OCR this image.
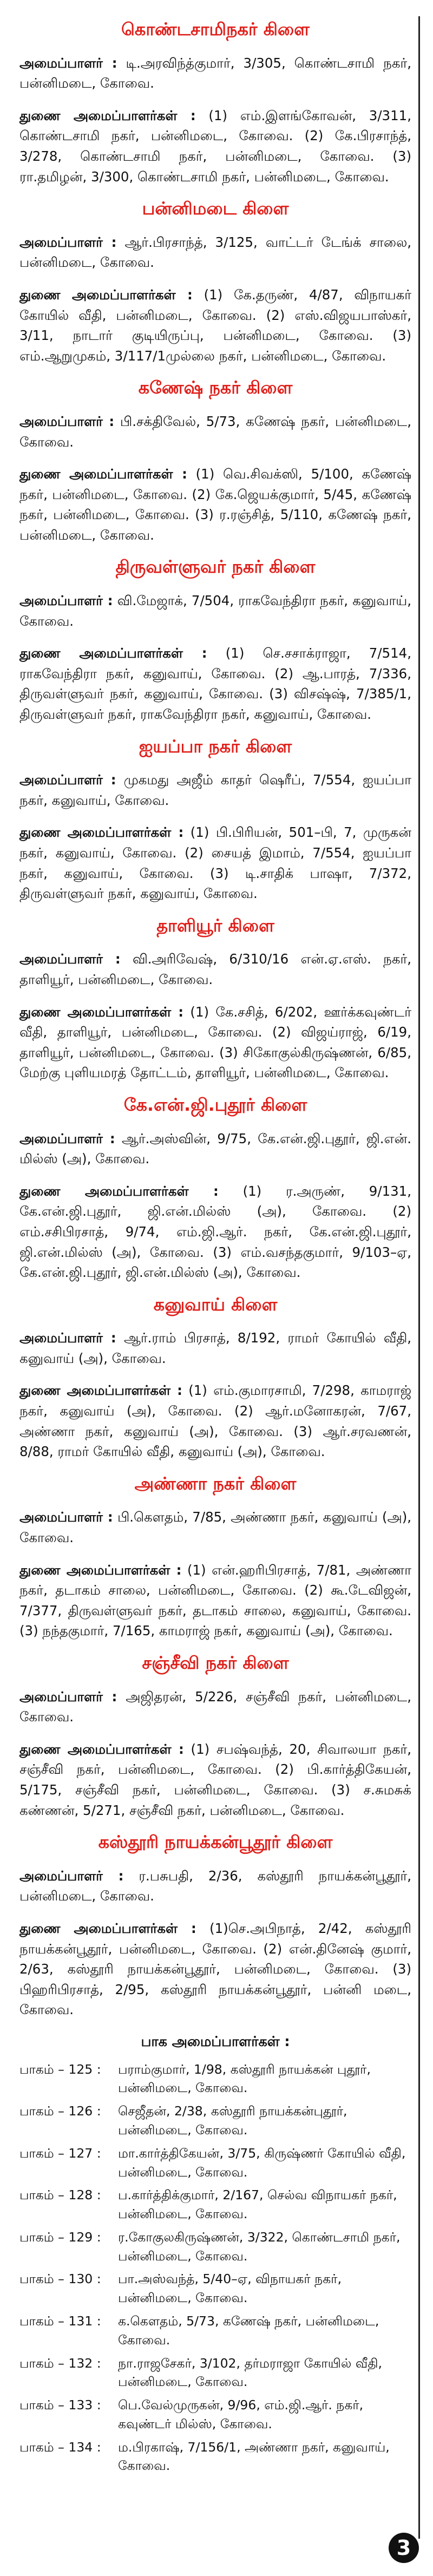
கொண்டசாமிநகர் கிளை

அமைப்பாளர் : டி.அரவிந்த்குமார், 3/305, கொண்டசாமி நகர், பன்னிமடை, கோவை.

துணை அமைப்பாளர்கள் : (1) எம்.இளங்கோவன், 3/311, கொண்டசாமி நகர், பன்னிமடை, கோவை. (2) கே.பிரசாந்த், 3/278, கொண்டசாமி நகர், பன்னிமடை, கோவை. (3) ரா.தமிழன், 3/300, கொண்டசாமி நகர், பன்னிமடை, கோவை.

பன்னிமடை கிளை

அமைப்பாளர் : ஆர்.பிரசாந்த், 3/125, வாட்டர் டேங்க் சாலை, பன்னிமடை, கோவை.

துணை அமைப்பாளர்கள் : (1) கே.தருண், 4/87, விநாயகர் கோயில் வீதி, பன்னிமடை, கோவை. (2) எஸ்.விஜயபாஸ்கர், 3/11, நாடார் குடியிருப்பு, பன்னிமடை, கோவை. (3) எம்.ஆறுமுகம், 3/117/1முல்லை நகர், பன்னிமடை, கோவை.

கணேஷ் நகர் கிளை

அமைப்பாளர் : பி.சக்திவேல், 5/73, கணேஷ் நகர், பன்னிமடை, கோவை.

துணை அமைப்பாளர்கள் : (1) வெ.சிவக்ஸி, 5/100, கணேஷ் நகர், பன்னிமடை, கோவை. (2) கே.ஜெயக்குமார், 5/45, கணேஷ் நகர், பன்னிமடை, கோவை. (3) ர.ரஞ்சித், 5/110, கணேஷ் நகர், பன்னிமடை, கோவை.

திருவள்ளுவர் நகர் கிளை

அமைப்பாளர் : வி.மேஜாக், 7/504, ராகவேந்திரா நகர், கனுவாய், கோவை.

துணை அமைப்பாளர்கள் : (1) செ.சசாக்ராஜா, 7/514, ராகவேந்திரா நகர், கனுவாய், கோவை. (2) ஆ.பாரத், 7/336, திருவள்ளுவர் நகர், கனுவாய், கோவை. (3) விசஷ்ஷ், 7/385/1, திருவள்ளுவர் நகர், ராகவேந்திரா நகர், கனுவாய், கோவை.

ஐயப்பா நகர் கிளை

அமைப்பாளர் : முகமது அஜீம் காதர் ஷெரீப், 7/554, ஐயப்பா நகர், கனுவாய், கோவை.

துணை அமைப்பாளர்கள் : (1) பி.பிரியன், 501–பி, 7, முருகன் நகர், கனுவாய், கோவை. (2) சையத் இமாம், 7/554, ஐயப்பா நகர், கனுவாய், கோவை. (3) டி.சாதிக் பாஷா, 7/372, திருவள்ளுவர் நகர், கனுவாய், கோவை.

தாளியூர் கிளை

அமைப்பாளர் : வி.அரிவேஷ், 6/310/16 என்.ஏ.எஸ். நகர், தாளியூர், பன்னிமடை, கோவை.

துணை அமைப்பாளர்கள் : (1) கே.சசித், 6/202, ஊர்க்கவுண்டர் வீதி, தாளியூர், பன்னிமடை, கோவை. (2) விஜய்ராஜ், 6/19, தாளியூர், பன்னிமடை, கோவை. (3) சிகோகுல்கிருஷ்ணன், 6/85, மேற்கு புளியமரத் தோட்டம், தாளியூர், பன்னிமடை, கோவை.

கே.என்.ஜி.புதூர் கிளை

அமைப்பாளர் : ஆர்.அஸ்வின், 9/75, கே.என்.ஜி.புதூர், ஜி.என். மில்ஸ் (அ), கோவை.

துணை அமைப்பாளர்கள் : (1) ர.அருண், 9/131, கே.என்.ஜி.புதூர், ஜி.என்.மில்ஸ் (அ), கோவை. (2) எம்.சசிபிரசாத், 9/74, எம்.ஜி.ஆர். நகர், கே.என்.ஜி.புதூர், ஜி.என்.மில்ஸ் (அ), கோவை. (3) எம்.வசந்தகுமார், 9/103–ஏ, கே.என்.ஜி.புதூர், ஜி.என்.மில்ஸ் (அ), கோவை.

கனுவாய் கிளை

அமைப்பாளர் : ஆர்.ராம் பிரசாத், 8/192, ராமர் கோயில் வீதி, கனுவாய் (அ), கோவை.

துணை அமைப்பாளர்கள் : (1) எம்.குமாரசாமி, 7/298, காமராஜ் நகர், கனுவாய் (அ), கோவை. (2) ஆர்.மனோகரன், 7/67, அண்ணா நகர், கனுவாய் (அ), கோவை. (3) ஆர்.சரவணன், 8/88, ராமர் கோயில் வீதி, கனுவாய் (அ), கோவை.

அண்ணா நகர் கிளை

அமைப்பாளர் : பி.கௌதம், 7/85, அண்ணா நகர், கனுவாய் (அ), கோவை.

துணை அமைப்பாளர்கள் : (1) என்.ஹரிபிரசாத், 7/81, அண்ணா நகர், தடாகம் சாலை, பன்னிமடை, கோவை. (2) கூ.டேவிஜன், 7/377, திருவள்ளுவர் நகர், தடாகம் சாலை, கனுவாய், கோவை. (3) நந்தகுமார், 7/165, காமராஜ் நகர், கனுவாய் (அ), கோவை.

சஞ்சீவி நகர் கிளை

அமைப்பாளர் : அஜிதரன், 5/226, சஞ்சீவி நகர், பன்னிமடை, கோவை.

துணை அமைப்பாளர்கள் : (1) சபஷ்வந்த், 20, சிவாலயா நகர், சஞ்சீவி நகர், பன்னிமடை, கோவை. (2) பி.கார்த்திகேயன், 5/175, சஞ்சீவி நகர், பன்னிமடை, கோவை. (3) ச.சுமசுக் கண்ணன், 5/271, சஞ்சீவி நகர், பன்னிமடை, கோவை.

கஸ்தூரி நாயக்கன்பூதூர் கிளை

அமைப்பாளர் : ர.பசுபதி, 2/36, கஸ்தூரி நாயக்கன்பூதூர், பன்னிமடை, கோவை.

துணை அமைப்பாளர்கள் : (1)செ.அபிநாத், 2/42, கஸ்தூரி நாயக்கன்பூதூர், பன்னிமடை, கோவை. (2) என்.தினேஷ் குமார், 2/63, கஸ்தூரி நாயக்கன்பூதூர், பன்னிமடை, கோவை. (3) பிஹரிபிரசாத், 2/95, கஸ்தூரி நாயக்கன்பூதூர், பன்னி மடை, கோவை.

பாக அமைப்பாளர்கள் :
பாகம் – 125 :	பராம்குமார், 1/98, கஸ்தூரி நாயக்கன் புதூர், பன்னிமடை, கோவை.
பாகம் – 126 :	செஜீதன், 2/38, கஸ்தூரி நாயக்கன்புதூர், பன்னிமடை, கோவை.
பாகம் – 127 :	மா.கார்த்திகேயன், 3/75, கிருஷ்ணர் கோயில் வீதி, பன்னிமடை, கோவை.
பாகம் – 128 :	ப.கார்த்திக்குமார், 2/167, செல்வ விநாயகர் நகர், பன்னிமடை, கோவை.
பாகம் – 129 :	ர.கோகுலகிருஷ்ணன், 3/322, கொண்டசாமி நகர், பன்னிமடை, கோவை.
பாகம் – 130 :	பா.அஸ்வந்த், 5/40–ஏ, விநாயகர் நகர், பன்னிமடை, கோவை.
பாகம் – 131 :	க.கௌதம், 5/73, கணேஷ் நகர், பன்னிமடை, கோவை.
பாகம் – 132 :	நா.ராஜசேகர், 3/102, தர்மராஜா கோயில் வீதி, பன்னிமடை, கோவை.
பாகம் – 133 :	பெ.வேல்முருகன், 9/96, எம்.ஜி.ஆர். நகர், கவுண்டர் மில்ஸ், கோவை.
பாகம் – 134 :	ம.பிரகாஷ், 7/156/1, அண்ணா நகர், கனுவாய், கோவை.
3
